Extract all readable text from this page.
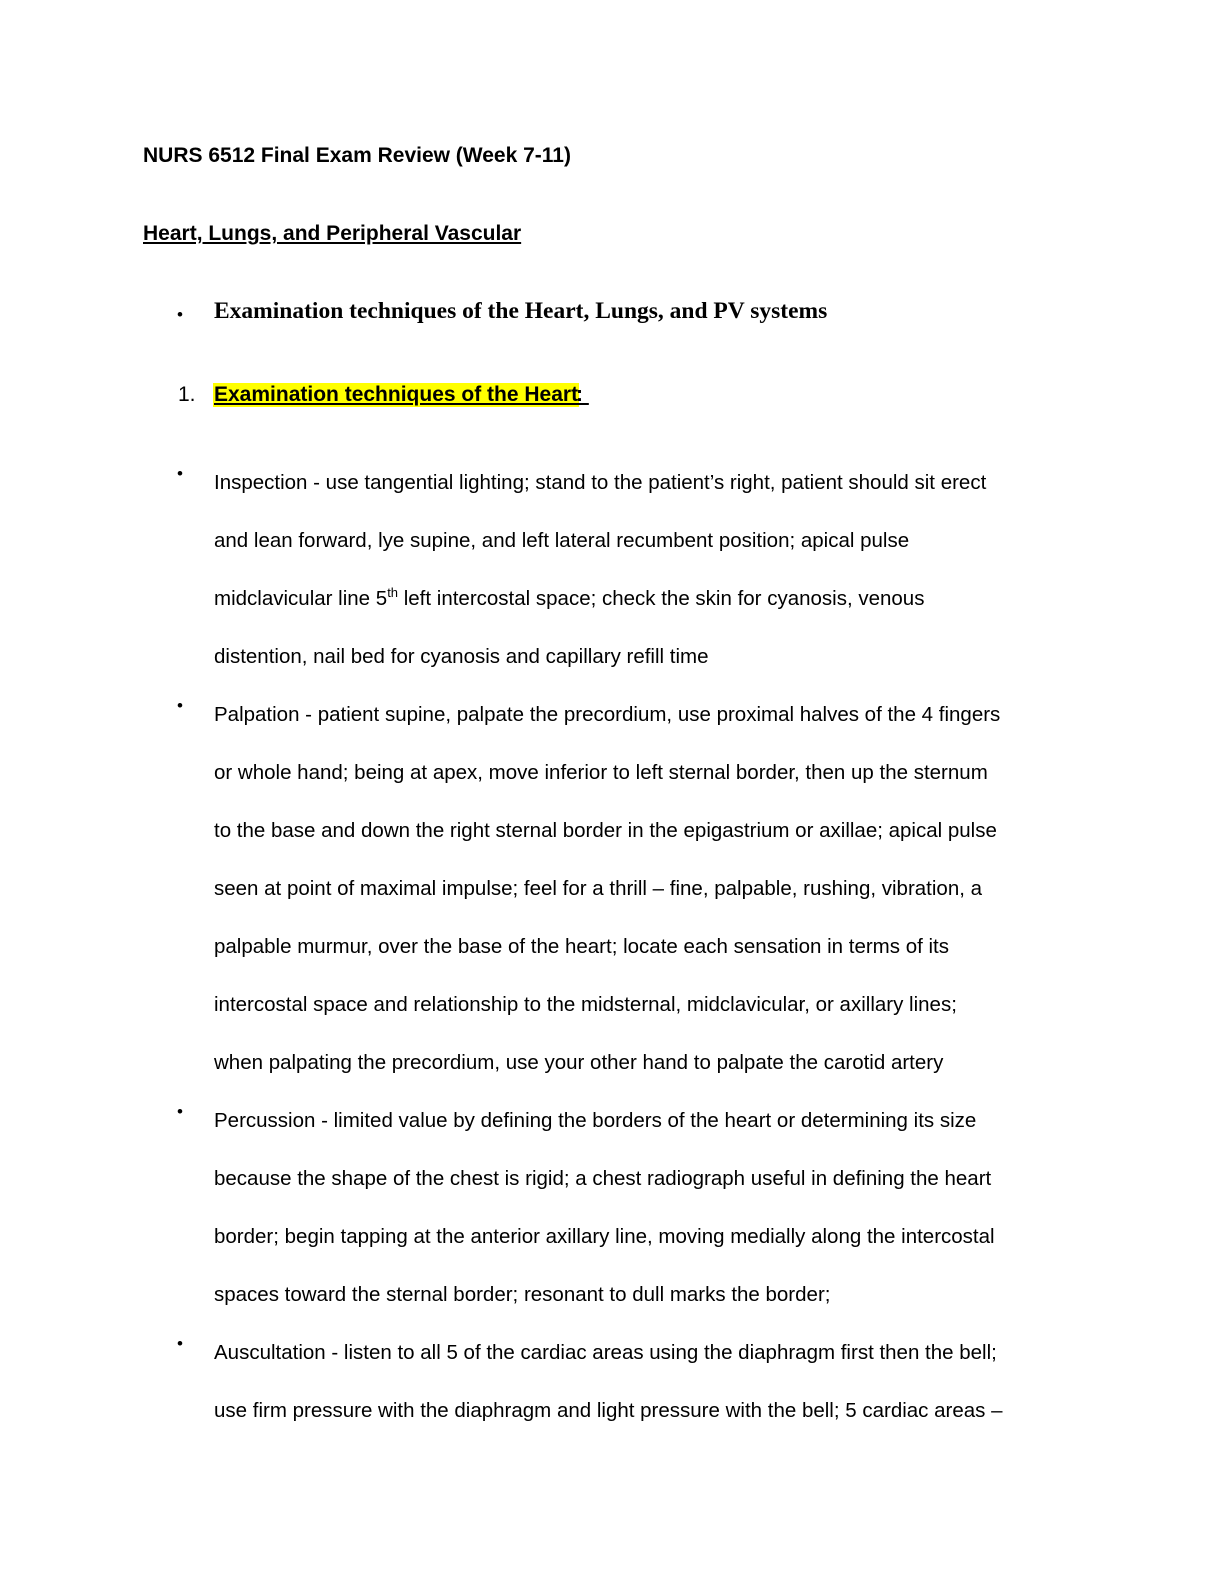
NURS 6512 Final Exam Review (Week 7-11)
Heart, Lungs, and Peripheral Vascular
• Examination techniques of the Heart, Lungs, and PV systems
1. Examination techniques of the Heart
:
• Inspection - use tangential lighting; stand to the patient’s right, patient should sit erect
and lean forward, lye supine, and left lateral recumbent position; apical pulse
midclavicular line 5th left intercostal space; check the skin for cyanosis, venous
distention, nail bed for cyanosis and capillary refill time
• Palpation - patient supine, palpate the precordium, use proximal halves of the 4 fingers
or whole hand; being at apex, move inferior to left sternal border, then up the sternum
to the base and down the right sternal border in the epigastrium or axillae; apical pulse
seen at point of maximal impulse; feel for a thrill – fine, palpable, rushing, vibration, a
palpable murmur, over the base of the heart; locate each sensation in terms of its
intercostal space and relationship to the midsternal, midclavicular, or axillary lines;
when palpating the precordium, use your other hand to palpate the carotid artery
• Percussion - limited value by defining the borders of the heart or determining its size
because the shape of the chest is rigid; a chest radiograph useful in defining the heart
border; begin tapping at the anterior axillary line, moving medially along the intercostal
spaces toward the sternal border; resonant to dull marks the border;
• Auscultation - listen to all 5 of the cardiac areas using the diaphragm first then the bell;
use firm pressure with the diaphragm and light pressure with the bell; 5 cardiac areas –
